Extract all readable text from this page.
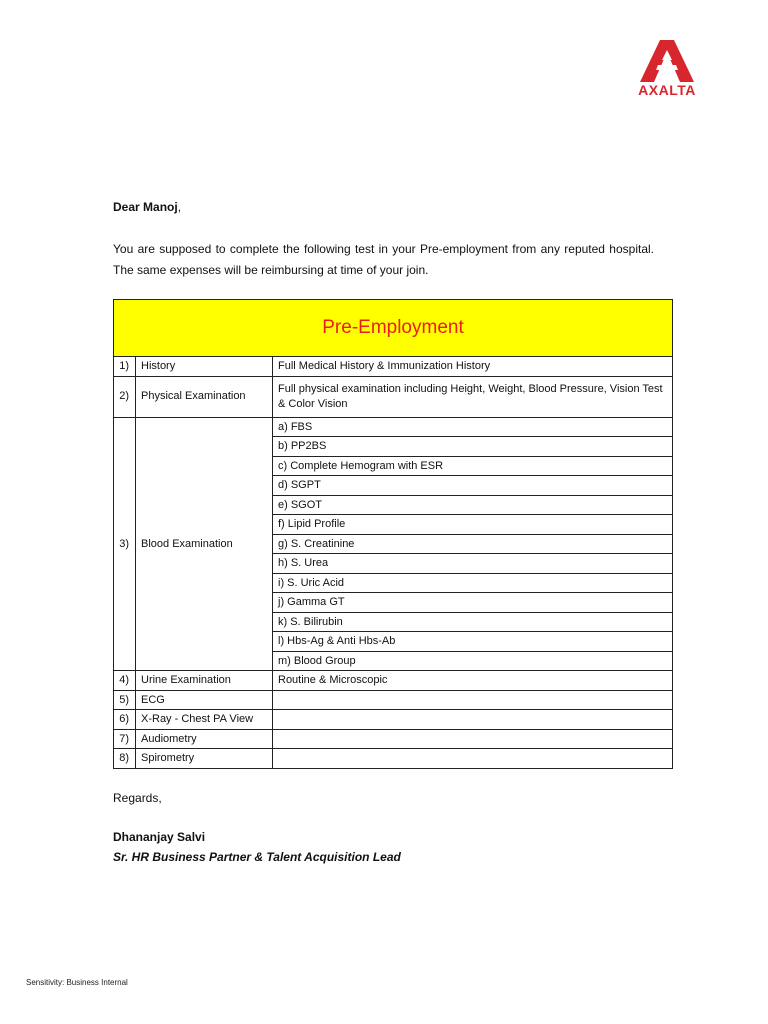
AXALTA
Dear Manoj,

You are supposed to complete the following test in your Pre-employment from any reputed hospital. The same expenses will be reimbursing at time of your join.

Pre-Employment		
1)	History	Full Medical History & Immunization History
2)	Physical Examination	Full physical examination including Height, Weight, Blood Pressure, Vision Test & Color Vision
3)	Blood Examination	a) FBS
		b) PP2BS
		c) Complete Hemogram with ESR
		d) SGPT
		e) SGOT
		f) Lipid Profile
		g) S. Creatinine
		h) S. Urea
		i) S. Uric Acid
		j) Gamma GT
		k) S. Bilirubin
		l) Hbs-Ag & Anti Hbs-Ab
		m) Blood Group
4)	Urine Examination	Routine & Microscopic
5)	ECG	
6)	X-Ray - Chest PA View	
7)	Audiometry	
8)	Spirometry	
Regards,
Dhananjay Salvi
Sr. HR Business Partner & Talent Acquisition Lead
Sensitivity: Business Internal
